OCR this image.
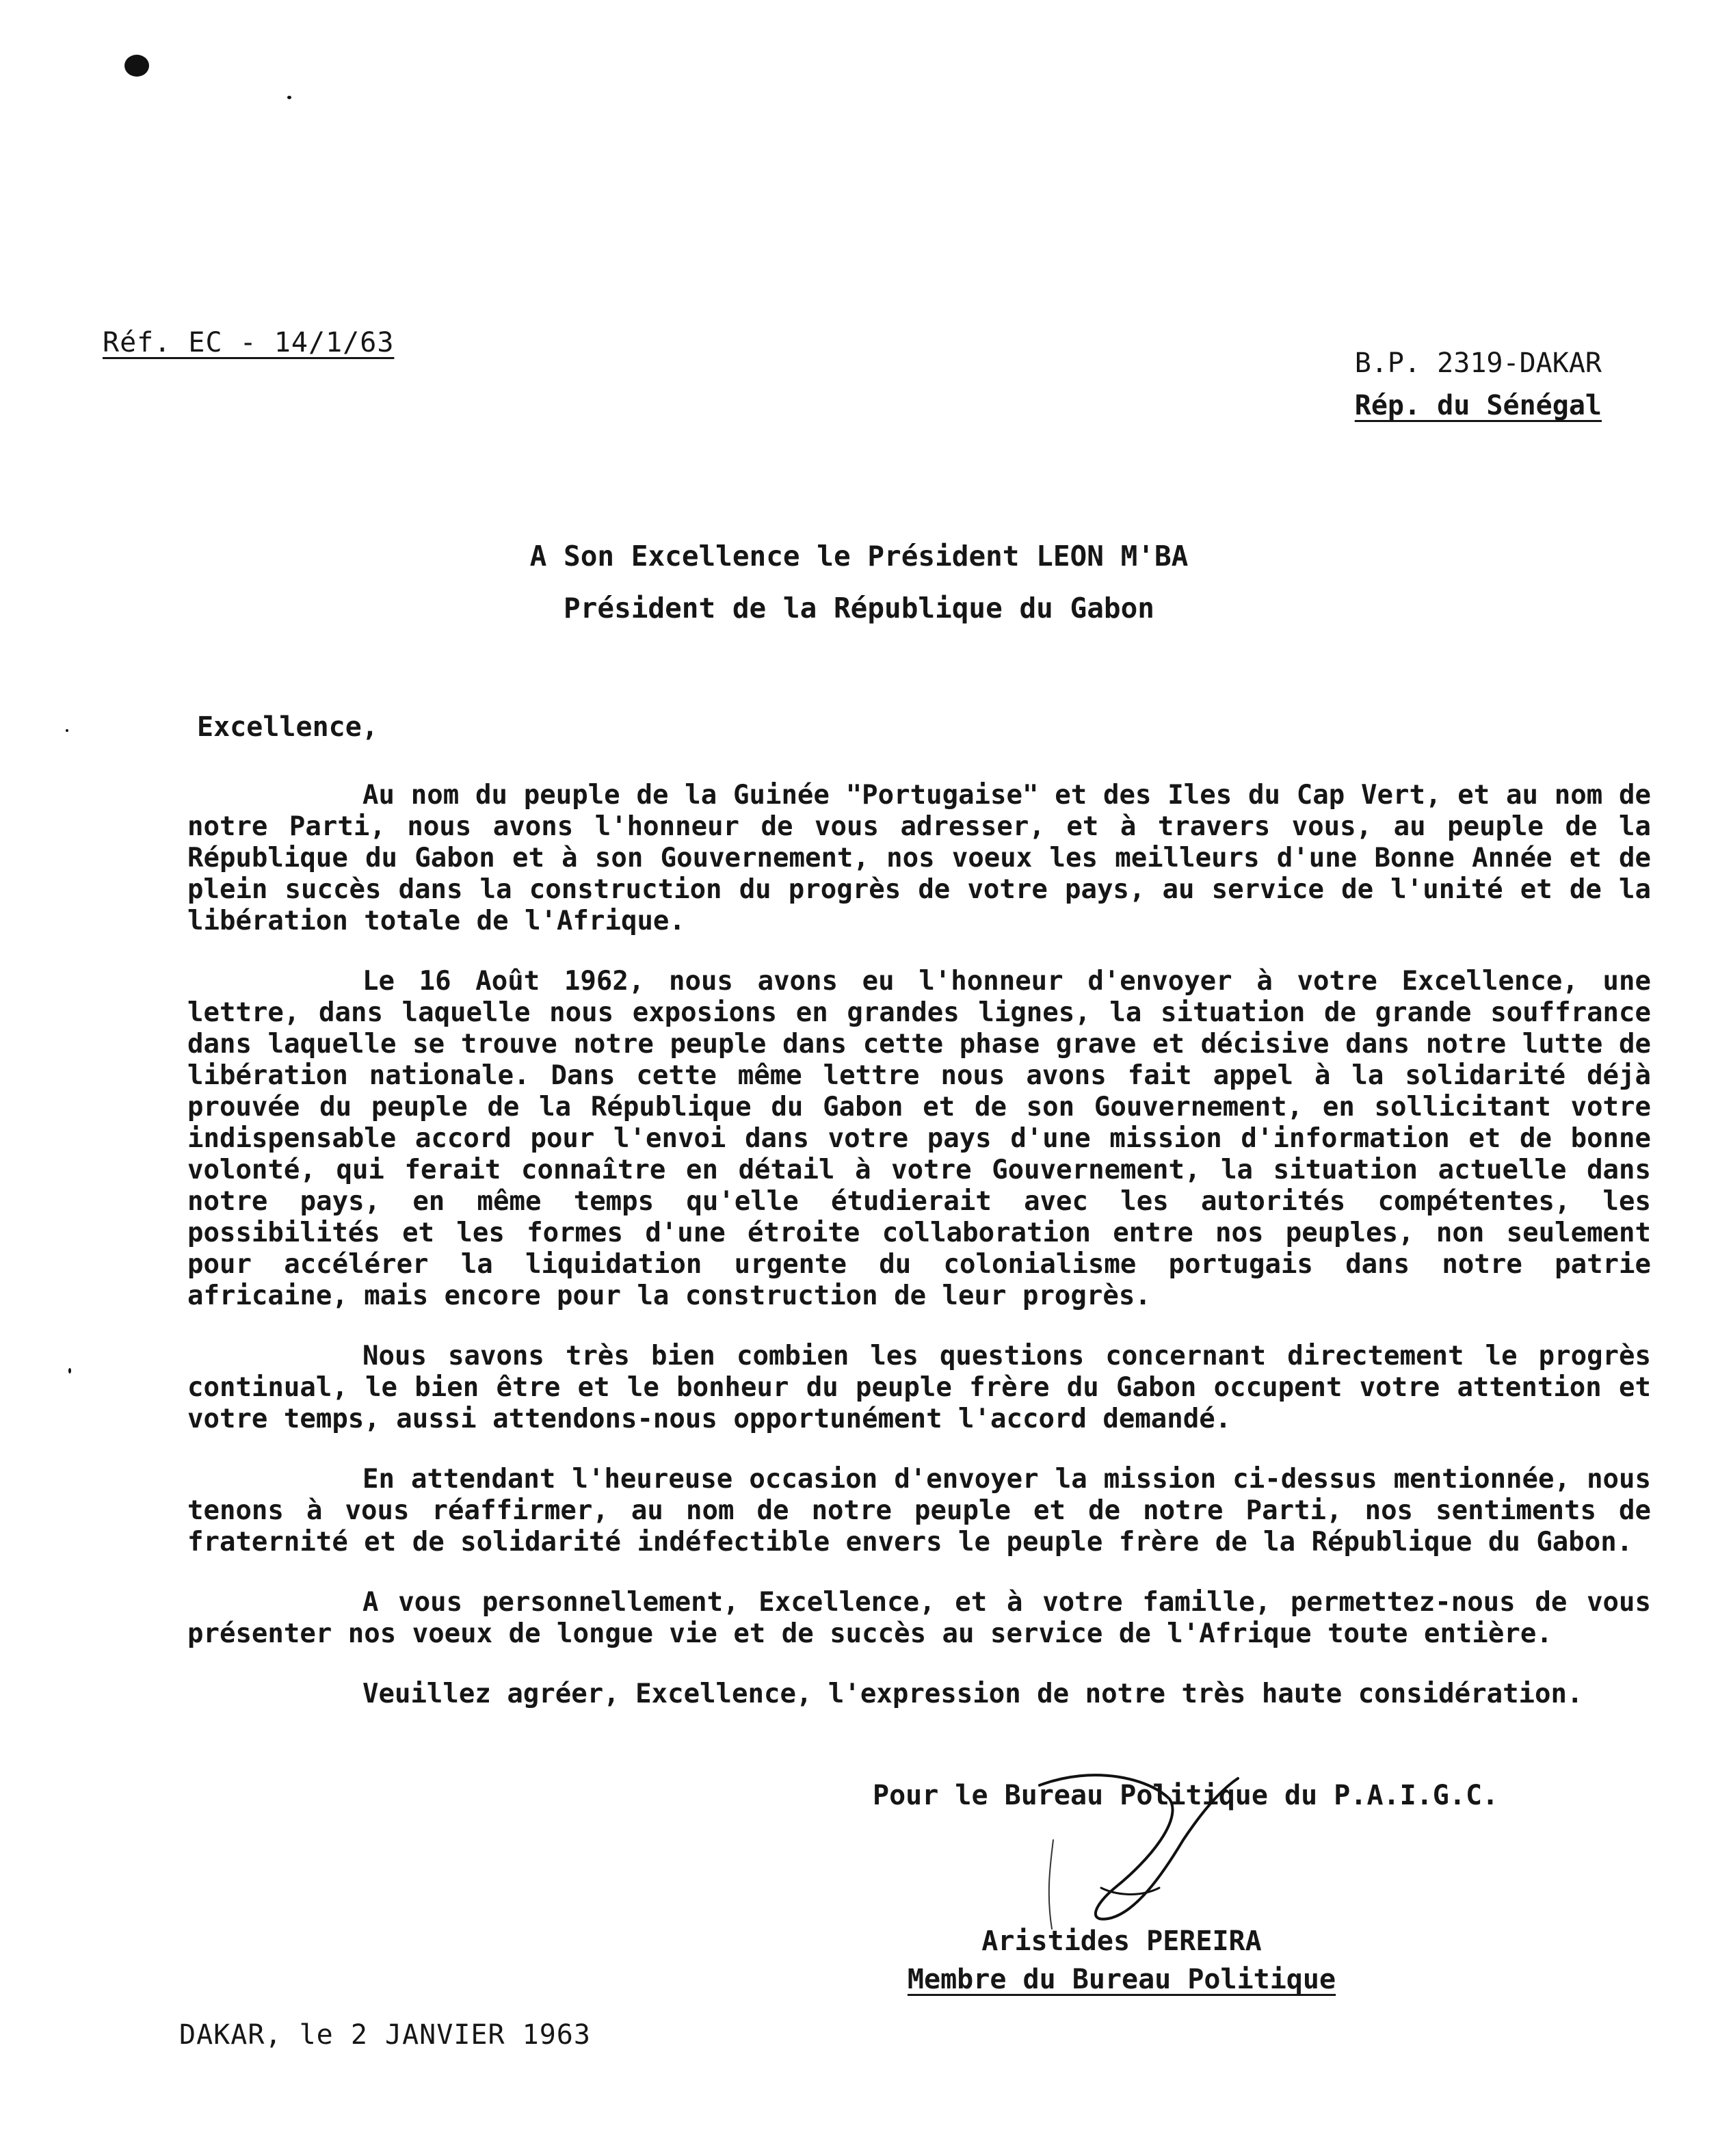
Réf. EC - 14/1/63
B.P. 2319-DAKAR
Rép. du Sénégal
A Son Excellence le Président LEON M'BA
Président de la République du Gabon
Excellence,

Au nom du peuple de la Guinée "Portugaise" et des Iles du Cap Vert, et au nom de notre Parti, nous avons l'honneur de vous adresser, et à travers vous, au peuple de la République du Gabon et à son Gouvernement, nos voeux les meilleurs d'une Bonne Année et de plein succès dans la construction du progrès de votre pays, au service de l'unité et de la libération totale de l'Afrique.

Le 16 Août 1962, nous avons eu l'honneur d'envoyer à votre Excellence, une lettre, dans laquelle nous exposions en grandes lignes, la situation de grande souffrance dans laquelle se trouve notre peuple dans cette phase grave et décisive dans notre lutte de libération nationale. Dans cette même lettre nous avons fait appel à la solidarité déjà prouvée du peuple de la République du Gabon et de son Gouvernement, en sollicitant votre indispensable accord pour l'envoi dans votre pays d'une mission d'information et de bonne volonté, qui ferait connaître en détail à votre Gouvernement, la situation actuelle dans notre pays, en même temps qu'elle étudierait avec les autorités compétentes, les possibilités et les formes d'une étroite collaboration entre nos peuples, non seulement pour accélérer la liquidation urgente du colonialisme portugais dans notre patrie africaine, mais encore pour la construction de leur progrès.

Nous savons très bien combien les questions concernant directement le progrès continual, le bien être et le bonheur du peuple frère du Gabon occupent votre attention et votre temps, aussi attendons-nous opportunément l'accord demandé.

En attendant l'heureuse occasion d'envoyer la mission ci-dessus mentionnée, nous tenons à vous réaffirmer, au nom de notre peuple et de notre Parti, nos sentiments de fraternité et de solidarité indéfectible envers le peuple frère de la République du Gabon.

A vous personnellement, Excellence, et à votre famille, permettez-nous de vous présenter nos voeux de longue vie et de succès au service de l'Afrique toute entière.

Veuillez agréer, Excellence, l'expression de notre très haute considération.

Pour le Bureau Politique du P.A.I.G.C.
Aristides PEREIRA
Membre du Bureau Politique
DAKAR, le 2 JANVIER 1963
